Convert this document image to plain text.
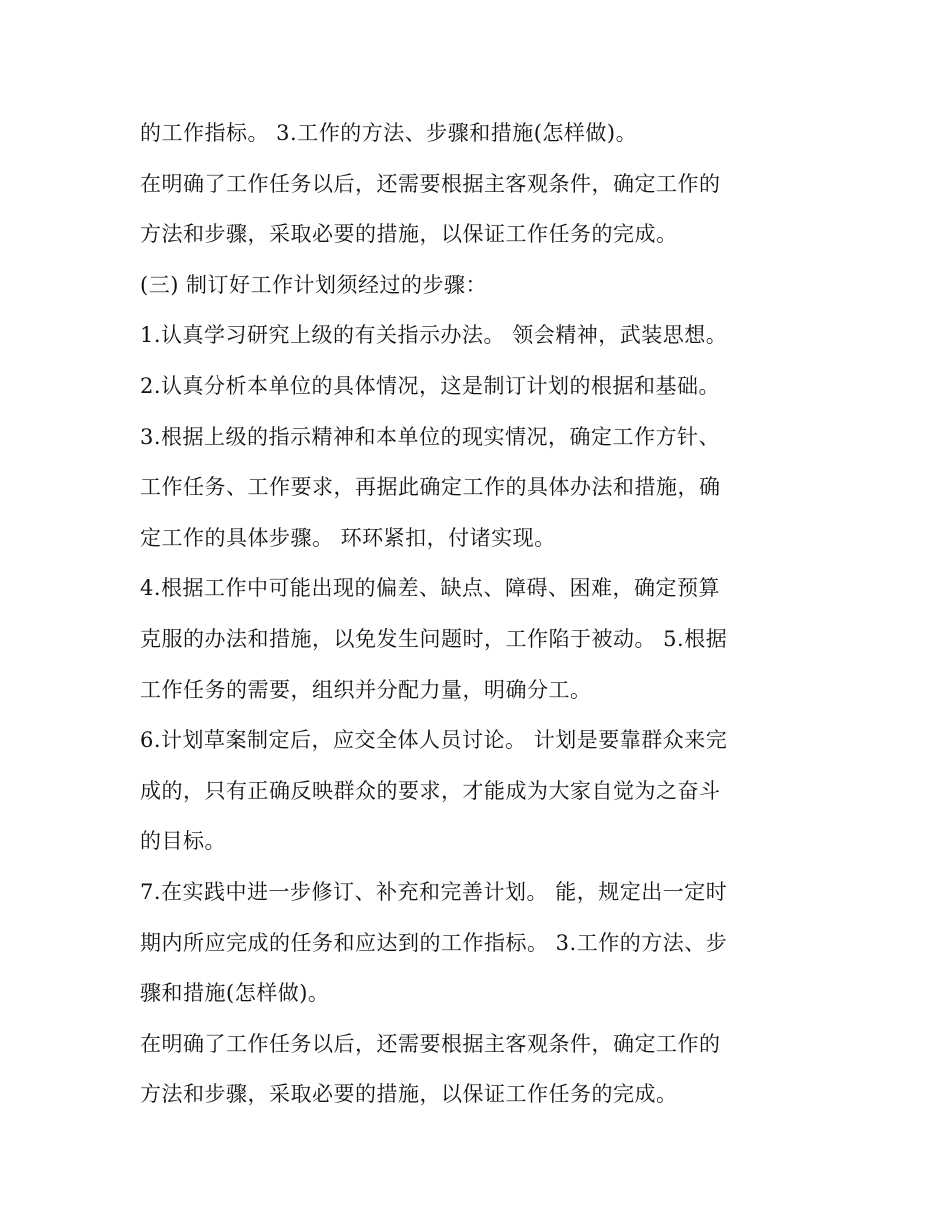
的工作指标。 3.工作的方法、步骤和措施(怎样做)。
在明确了工作任务以后，还需要根据主客观条件，确定工作的
方法和步骤，采取必要的措施，以保证工作任务的完成。
(三) 制订好工作计划须经过的步骤：
1.认真学习研究上级的有关指示办法。 领会精神，武装思想。
2.认真分析本单位的具体情况，这是制订计划的根据和基础。
3.根据上级的指示精神和本单位的现实情况，确定工作方针、
工作任务、工作要求，再据此确定工作的具体办法和措施，确
定工作的具体步骤。 环环紧扣，付诸实现。
4.根据工作中可能出现的偏差、缺点、障碍、困难，确定预算
克服的办法和措施，以免发生问题时，工作陷于被动。 5.根据
工作任务的需要，组织并分配力量，明确分工。
6.计划草案制定后，应交全体人员讨论。 计划是要靠群众来完
成的，只有正确反映群众的要求，才能成为大家自觉为之奋斗
的目标。
7.在实践中进一步修订、补充和完善计划。 能，规定出一定时
期内所应完成的任务和应达到的工作指标。 3.工作的方法、步
骤和措施(怎样做)。
在明确了工作任务以后，还需要根据主客观条件，确定工作的
方法和步骤，采取必要的措施，以保证工作任务的完成。
